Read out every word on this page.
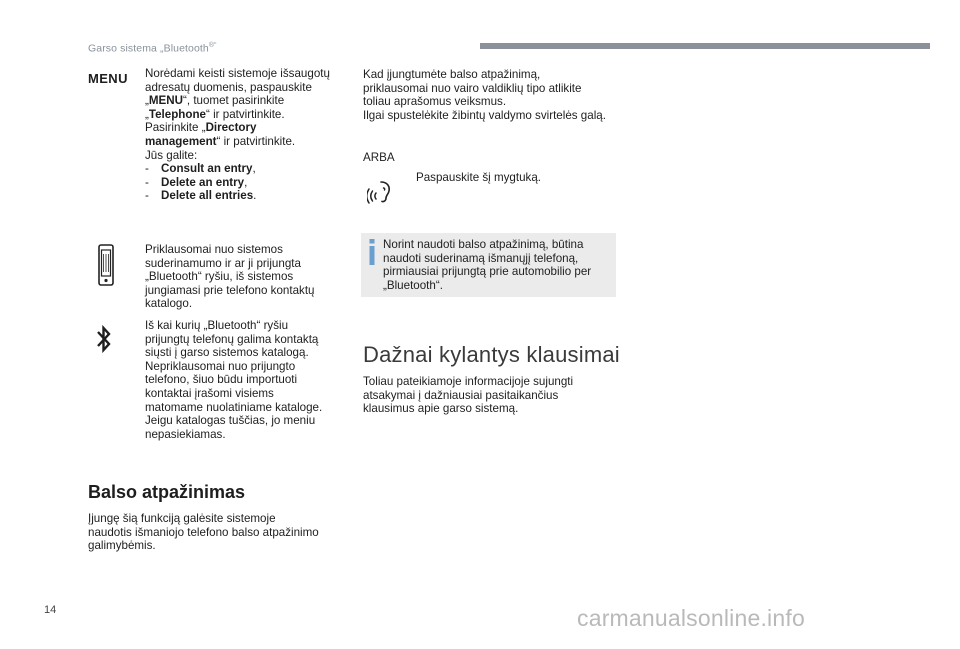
Garso sistema „Bluetooth®“
MENU Norėdami keisti sistemoje išsaugotų

adresatų duomenis, paspauskite

„MENU“, tuomet pasirinkite

„Telephone“ ir patvirtinkite.

Pasirinkite „Directory

management“ ir patvirtinkite.

Jūs galite:

- Consult an entry,
- Delete an entry,
- Delete all entries.

Priklausomai nuo sistemos

suderinamumo ir ar ji prijungta

„Bluetooth“ ryšiu, iš sistemos

jungiamasi prie telefono kontaktų

katalogo.

Iš kai kurių „Bluetooth“ ryšiu

prijungtų telefonų galima kontaktą

siųsti į garso sistemos katalogą.

Nepriklausomai nuo prijungto

telefono, šiuo būdu importuoti

kontaktai įrašomi visiems

matomame nuolatiniame kataloge.

Jeigu katalogas tuščias, jo meniu

nepasiekiamas.

Balso atpažinimas

Įjungę šią funkciją galėsite sistemoje

naudotis išmaniojo telefono balso atpažinimo

galimybėmis.

Kad įjungtumėte balso atpažinimą,

priklausomai nuo vairo valdiklių tipo atlikite

toliau aprašomus veiksmus.

Ilgai spustelėkite žibintų valdymo svirtelės galą.

ARBA
Paspauskite šį mygtuką.

Norint naudoti balso atpažinimą, būtina

naudoti suderinamą išmanųjį telefoną,

pirmiausiai prijungtą prie automobilio per

„Bluetooth“.

Dažnai kylantys klausimai

Toliau pateikiamoje informacijoje sujungti

atsakymai į dažniausiai pasitaikančius

klausimus apie garso sistemą.

14	carmanualsonline.info
